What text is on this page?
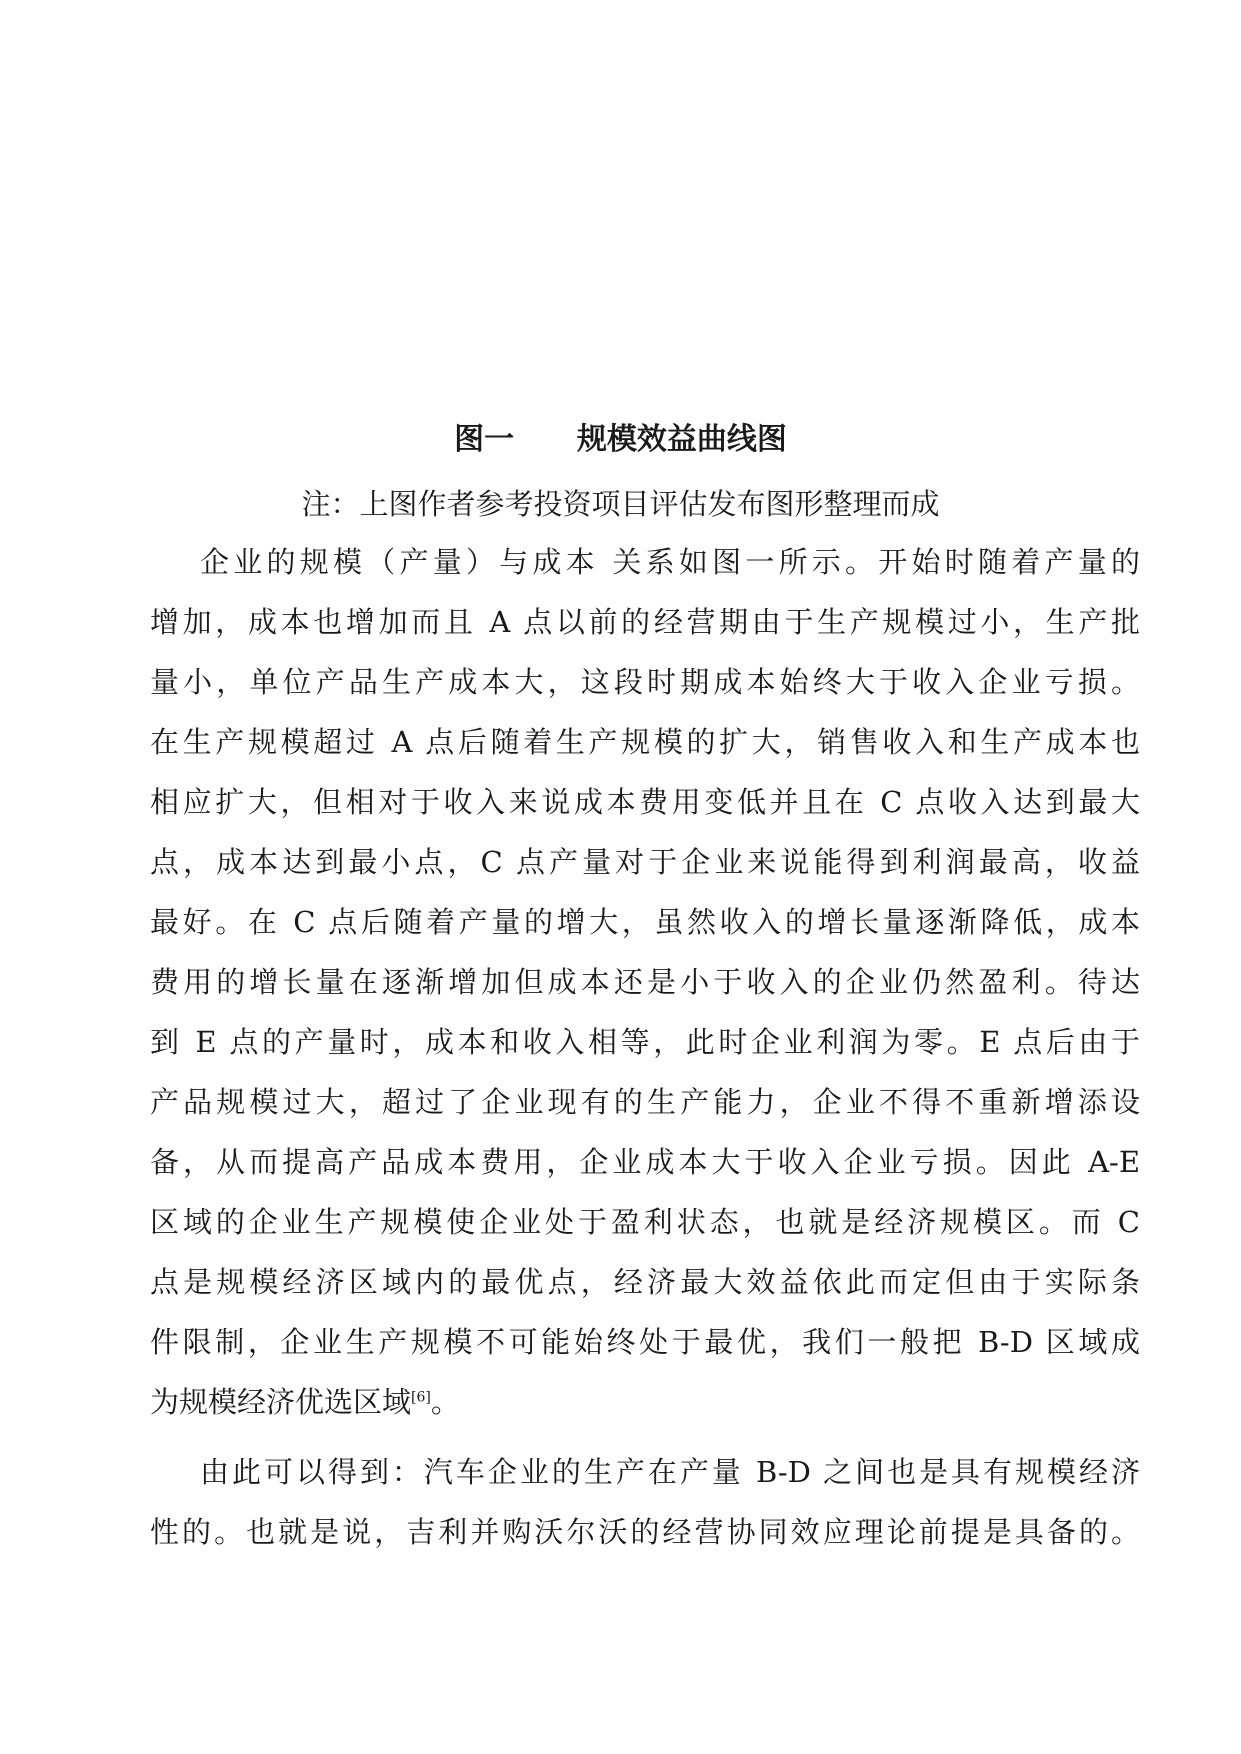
图一      规模效益曲线图
注：上图作者参考投资项目评估发布图形整理而成
企业的规模（产量）与成本 关系如图一所示。开始时随着产量的
增加，成本也增加而且 A 点以前的经营期由于生产规模过小，生产批
量小，单位产品生产成本大，这段时期成本始终大于收入企业亏损。
在生产规模超过 A 点后随着生产规模的扩大，销售收入和生产成本也
相应扩大，但相对于收入来说成本费用变低并且在 C 点收入达到最大
点，成本达到最小点，C 点产量对于企业来说能得到利润最高，收益
最好。在 C 点后随着产量的增大，虽然收入的增长量逐渐降低，成本
费用的增长量在逐渐增加但成本还是小于收入的企业仍然盈利。待达
到 E 点的产量时，成本和收入相等，此时企业利润为零。E 点后由于
产品规模过大，超过了企业现有的生产能力，企业不得不重新增添设
备，从而提高产品成本费用，企业成本大于收入企业亏损。因此 A-E
区域的企业生产规模使企业处于盈利状态，也就是经济规模区。而 C
点是规模经济区域内的最优点，经济最大效益依此而定但由于实际条
件限制，企业生产规模不可能始终处于最优，我们一般把 B-D 区域成
为规模经济优选区域[6]。
由此可以得到：汽车企业的生产在产量 B-D 之间也是具有规模经济
性的。也就是说，吉利并购沃尔沃的经营协同效应理论前提是具备的。
